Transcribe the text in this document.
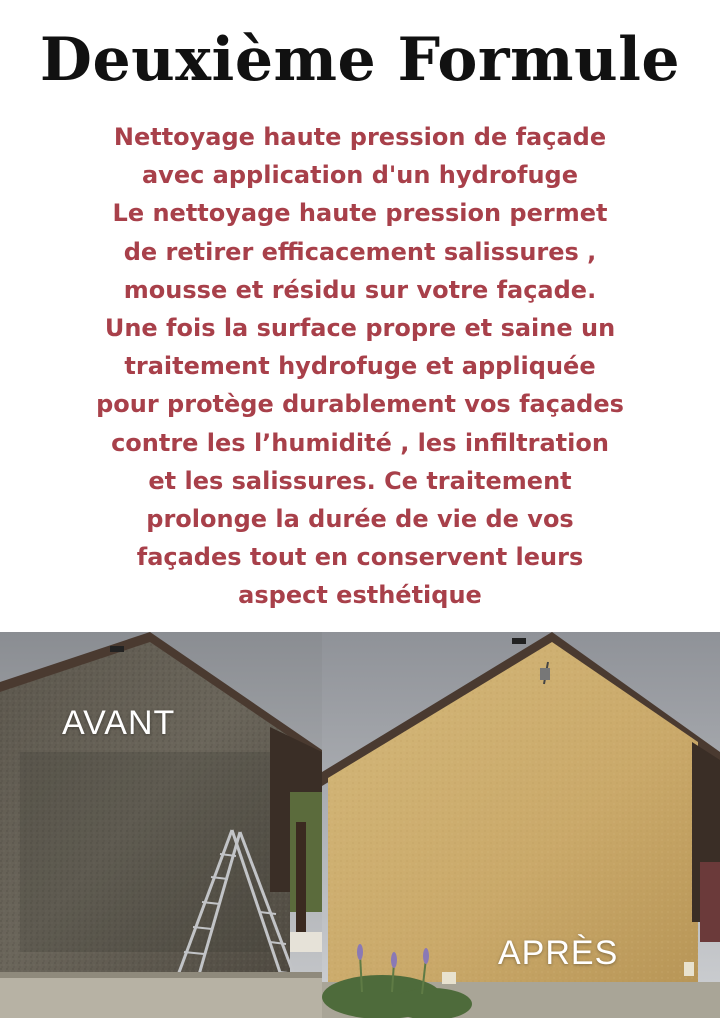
Deuxième Formule
Nettoyage haute pression de façade
avec application d'un hydrofuge
Le nettoyage haute pression permet
de retirer efficacement salissures ,
mousse et résidu sur votre façade.
Une fois la surface propre et saine un
traitement hydrofuge et appliquée
pour protège durablement vos façades
contre les l’humidité , les infiltration
et les salissures. Ce traitement
prolonge la durée de vie de vos
façades tout en conservent leurs
aspect esthétique
AVANT
APRÈS
